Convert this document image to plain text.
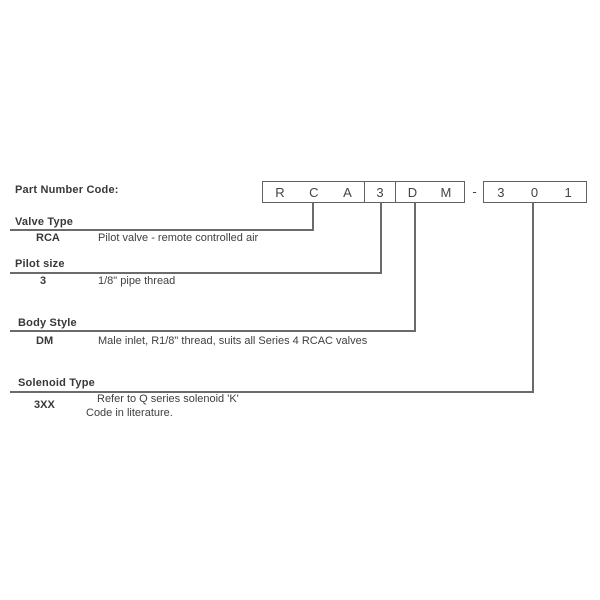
Part Number Code:	R C A 3 D M	-	3 0 1
Valve Type
RCA	Pilot valve - remote controlled air
Pilot size
3	1/8" pipe thread
Body Style
DM	Male inlet, R1/8" thread, suits all Series 4 RCAC valves
Solenoid Type
3XX	Refer to Q series solenoid 'K'
Code in literature.
